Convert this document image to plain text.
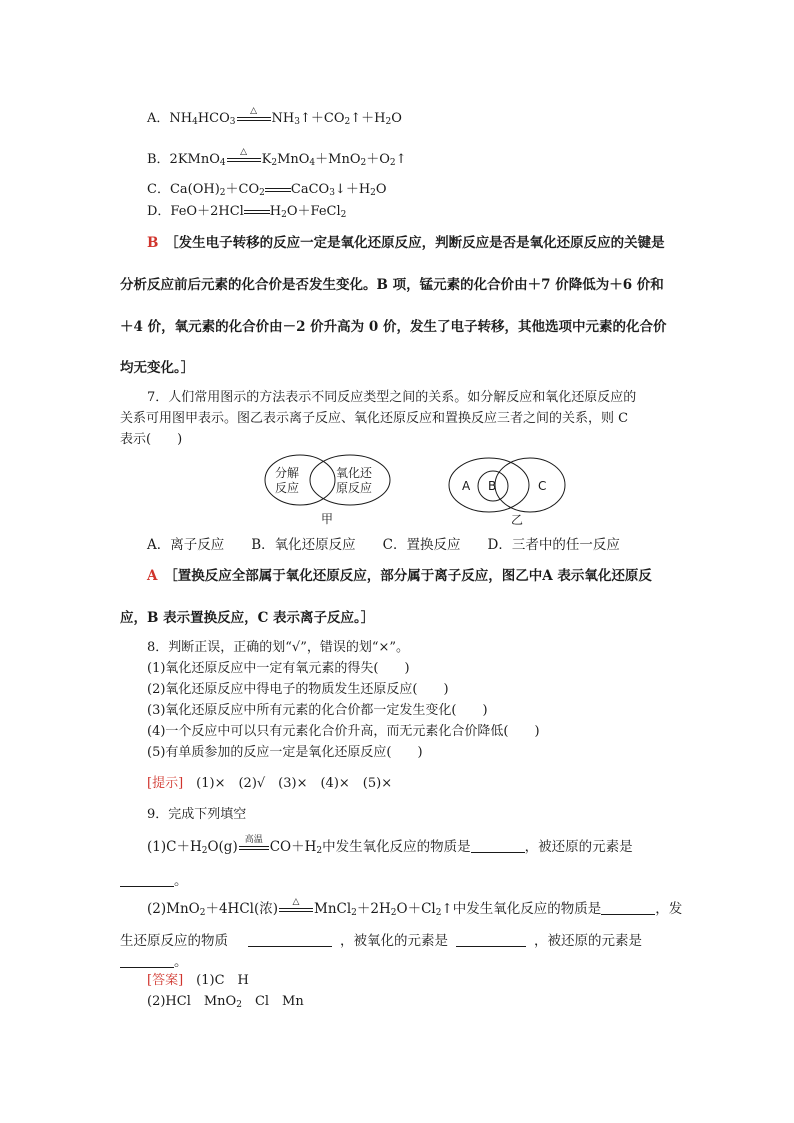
A．$NH_4HCO_3$
△
$NH_3↑+CO_2↑+H_2O$
B．2KMnO$_4$
△
$K_2MnO_4+MnO_2+O_2↑$
C．$Ca(OH)_2+CO_2$ $CaCO_3↓+H_2O$
D．FeO＋2HCl $H_2O+FeCl_2$
B　 ［发生电子转移的反应一定是氧化还原反应，判断反应是否是氧化还原反应的关键是
分析反应前后元素的化合价是否发生变化。B 项，锰元素的化合价由＋7 价降低为＋6 价和
＋4 价，氧元素的化合价由－2 价升高为 0 价，发生了电子转移，其他选项中元素的化合价
均无变化。］
7．人们常用图示的方法表示不同反应类型之间的关系。如分解反应和氧化还原反应的
关系可用图甲表示。图乙表示离子反应、氧化还原反应和置换反应三者之间的关系，则 C
表示(　　)
分解
反应
氧化还
原反应
甲
A B	C
乙
A．离子反应　　B．氧化还原反应　　C．置换反应　　D．三者中的任一反应
A　 ［置换反应全部属于氧化还原反应，部分属于离子反应，图乙中A 表示氧化还原反
应，B 表示置换反应，C 表示离子反应。］
8．判断正误，正确的划“√”，错误的划“×”。
(1)氧化还原反应中一定有氧元素的得失(　　)
(2)氧化还原反应中得电子的物质发生还原反应(　　)
(3)氧化还原反应中所有元素的化合价都一定发生变化(　　)
(4)一个反应中可以只有元素化合价升高，而无元素化合价降低(　　)
(5)有单质参加的反应一定是氧化还原反应(　　)
[提示]　 (1)×　(2)√　(3)×　(4)×　(5)×
9．完成下列填空
$(1)C+H_2O(g)$ 高温 $CO+H_2$中发生氧化反应的物质是	，被还原的元素是
。
(2)MnO$_2$＋4HCl(浓)	△	$MnCl_2+2H_2O+Cl_2↑$中发生氧化反应的物质是	，发
生还原反应的物质	，被氧化的元素是	，被还原的元素是
。
[答案]　 (1)C　H
(2)HCl　MnO$_2$　Cl　Mn
